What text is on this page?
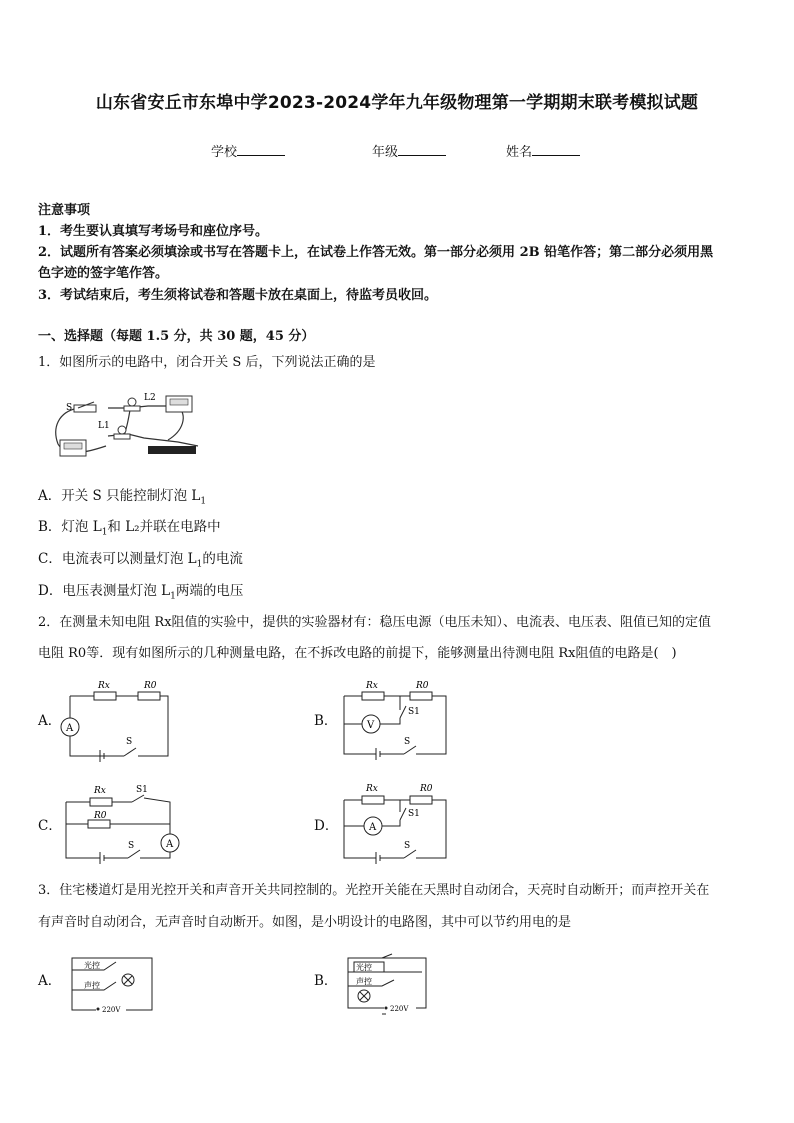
山东省安丘市东埠中学2023-2024学年九年级物理第一学期期末联考模拟试题
学校	年级	姓名
注意事项
1．考生要认真填写考场号和座位序号。
2．试题所有答案必须填涂或书写在答题卡上，在试卷上作答无效。第一部分必须用 2B 铅笔作答；第二部分必须用黑
色字迹的签字笔作答。
3．考试结束后，考生须将试卷和答题卡放在桌面上，待监考员收回。
一、选择题（每题 1.5 分，共 30 题，45 分）
1．如图所示的电路中，闭合开关 S 后，下列说法正确的是
S
L2
L1
A．开关 S 只能控制灯泡 $L_1$
B．灯泡 $L_1$和 L₂并联在电路中
C．电流表可以测量灯泡 $L_1$的电流
D．电压表测量灯泡 $L_1$两端的电压
2．在测量未知电阻 Rx阻值的实验中，提供的实验器材有：稳压电源（电压未知）、电流表、电压表、阻值已知的定值
电阻 R0等．现有如图所示的几种测量电路，在不拆改电路的前提下，能够测量出待测电阻 Rx阻值的电路是(　)
A． A
Rx	R0
S
B．	V
Rx	R0
S1
S
C．
A
Rx
R0
S1
S
D．	A
Rx	R0
S1
S
3．住宅楼道灯是用光控开关和声音开关共同控制的。光控开关能在天黑时自动闭合，天亮时自动断开；而声控开关在
有声音时自动闭合，无声音时自动断开。如图，是小明设计的电路图，其中可以节约用电的是
A．
光控
声控
220V
B．
光控
声控
220V
